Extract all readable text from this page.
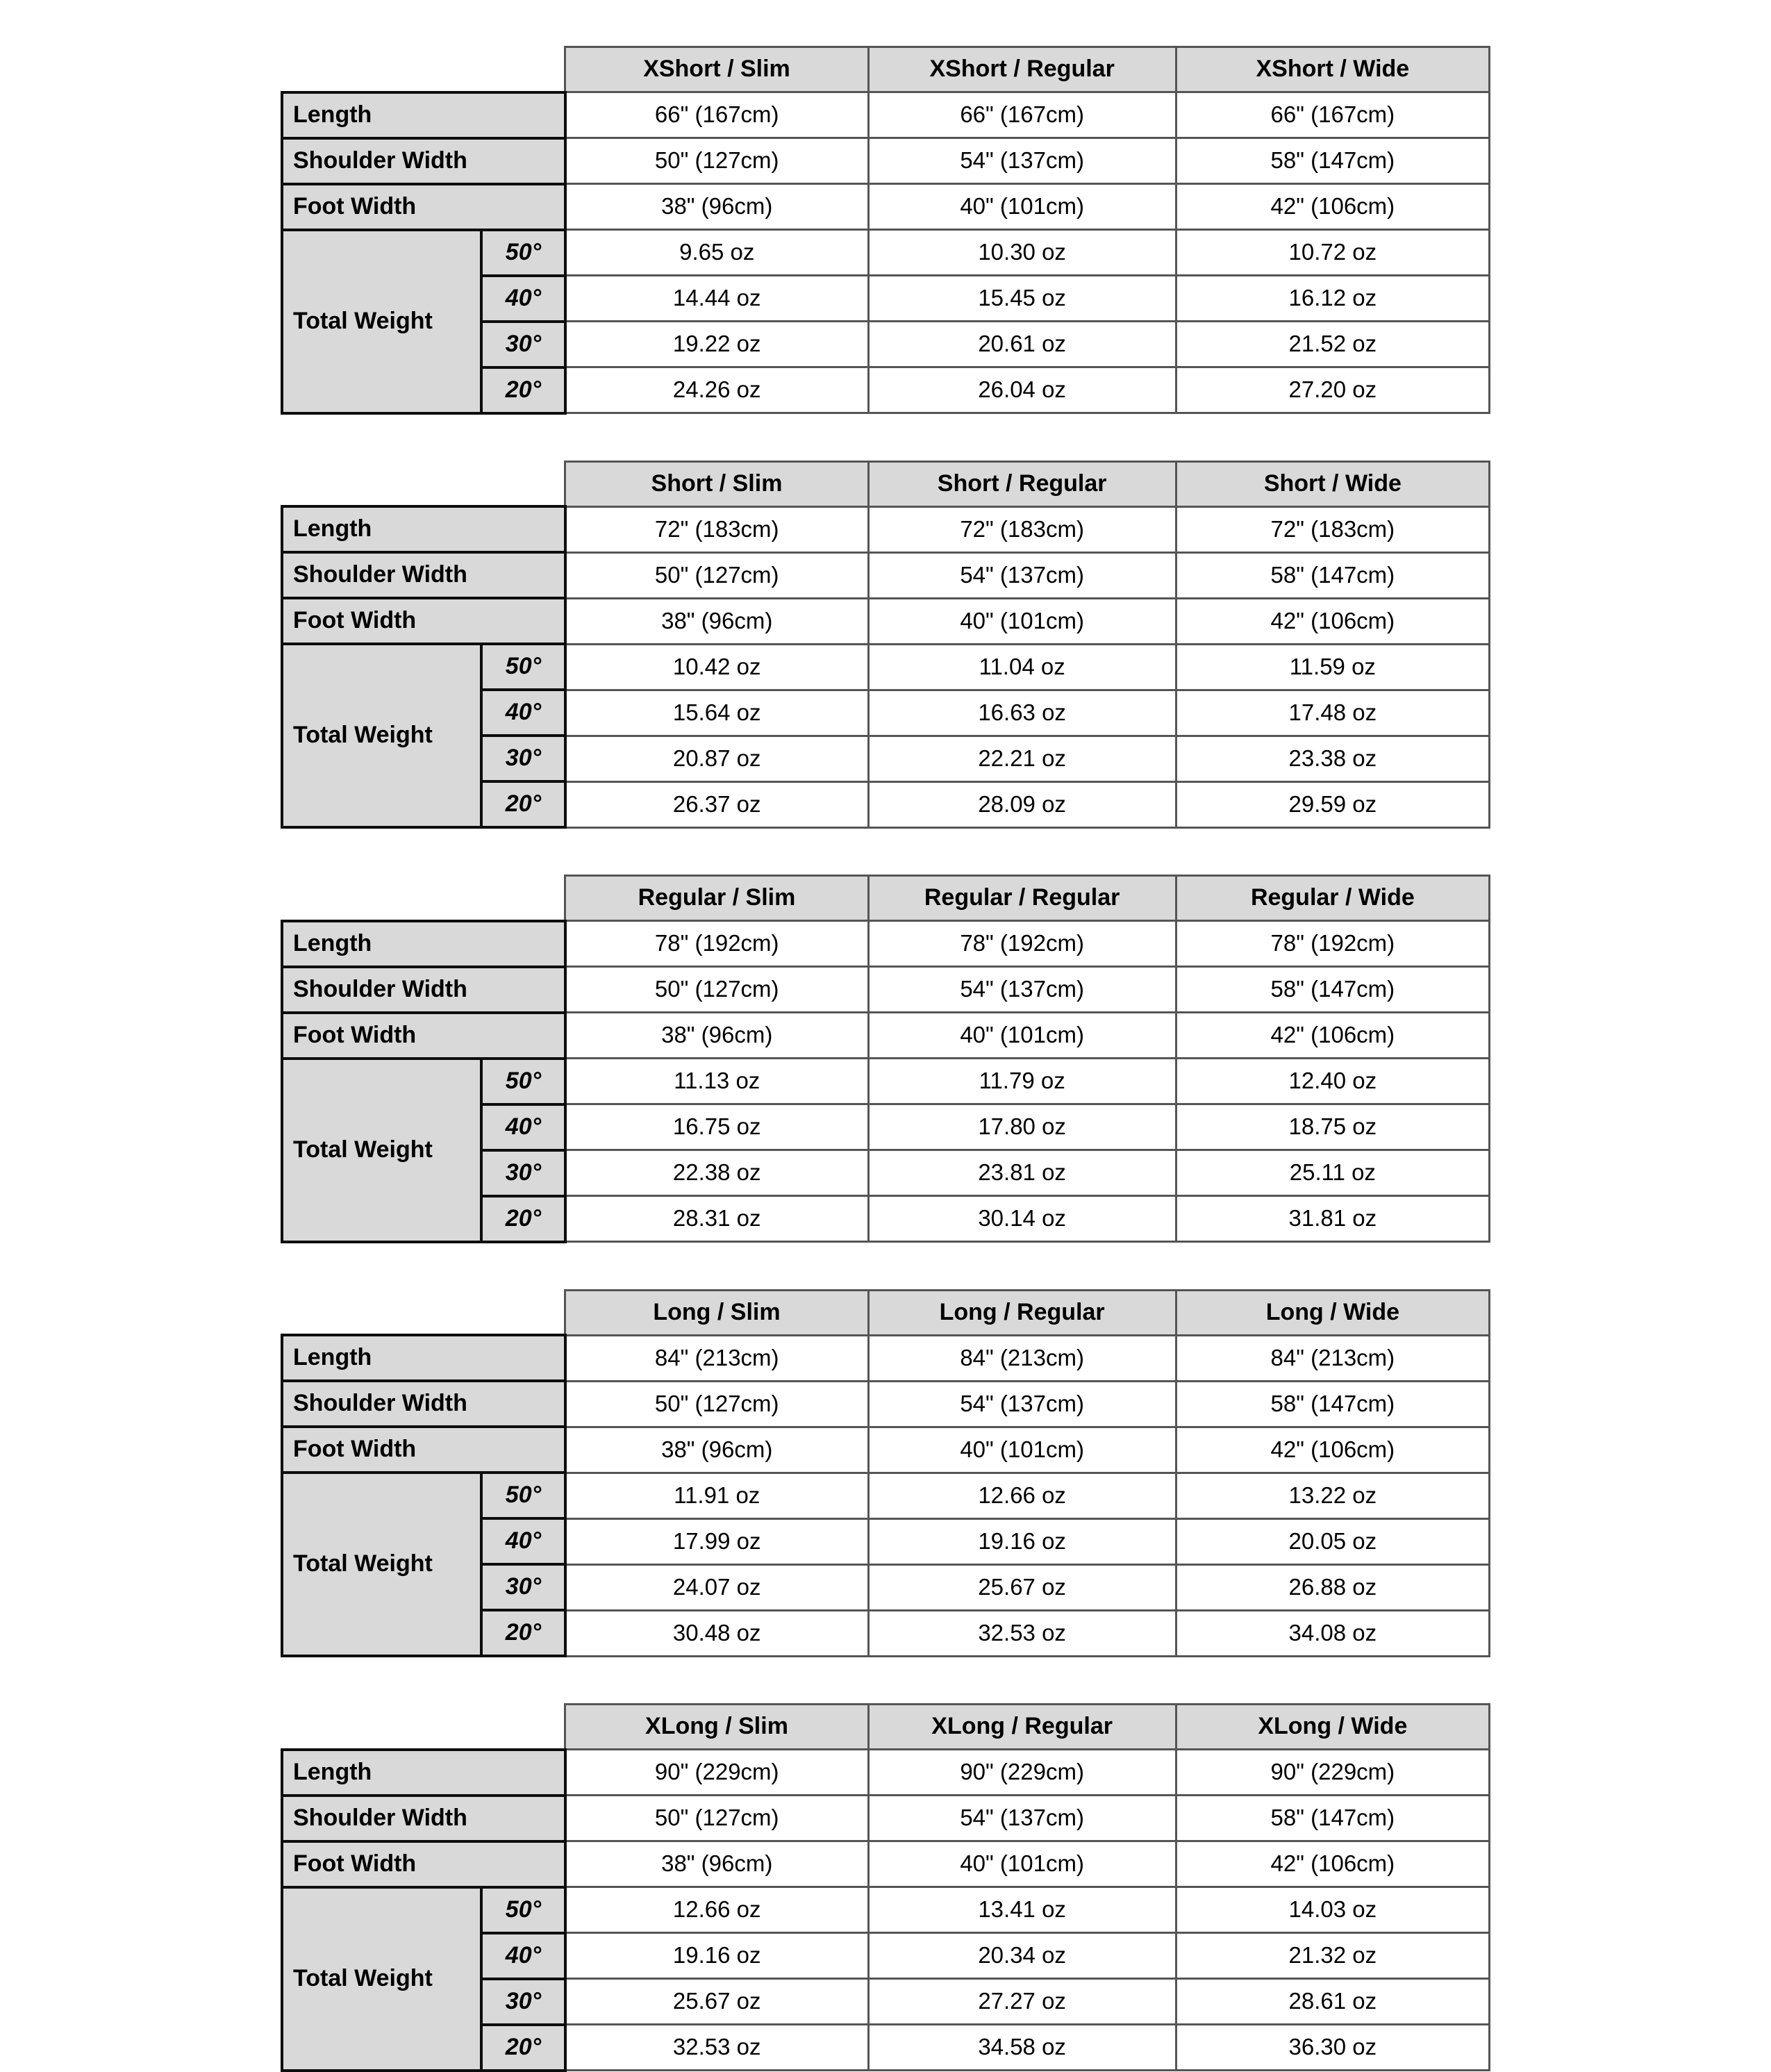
		XShort / Slim	XShort / Regular	XShort / Wide
Length		66" (167cm)	66" (167cm)	66" (167cm)
Shoulder Width		50" (127cm)	54" (137cm)	58" (147cm)
Foot Width		38" (96cm)	40" (101cm)	42" (106cm)
Total Weight	50°	9.65 oz	10.30 oz	10.72 oz
	40°	14.44 oz	15.45 oz	16.12 oz
	30°	19.22 oz	20.61 oz	21.52 oz
	20°	24.26 oz	26.04 oz	27.20 oz
		Short / Slim	Short / Regular	Short / Wide
Length		72" (183cm)	72" (183cm)	72" (183cm)
Shoulder Width		50" (127cm)	54" (137cm)	58" (147cm)
Foot Width		38" (96cm)	40" (101cm)	42" (106cm)
Total Weight	50°	10.42 oz	11.04 oz	11.59 oz
	40°	15.64 oz	16.63 oz	17.48 oz
	30°	20.87 oz	22.21 oz	23.38 oz
	20°	26.37 oz	28.09 oz	29.59 oz
		Regular / Slim	Regular / Regular	Regular / Wide
Length		78" (192cm)	78" (192cm)	78" (192cm)
Shoulder Width		50" (127cm)	54" (137cm)	58" (147cm)
Foot Width		38" (96cm)	40" (101cm)	42" (106cm)
Total Weight	50°	11.13 oz	11.79 oz	12.40 oz
	40°	16.75 oz	17.80 oz	18.75 oz
	30°	22.38 oz	23.81 oz	25.11 oz
	20°	28.31 oz	30.14 oz	31.81 oz
		Long / Slim	Long / Regular	Long / Wide
Length		84" (213cm)	84" (213cm)	84" (213cm)
Shoulder Width		50" (127cm)	54" (137cm)	58" (147cm)
Foot Width		38" (96cm)	40" (101cm)	42" (106cm)
Total Weight	50°	11.91 oz	12.66 oz	13.22 oz
	40°	17.99 oz	19.16 oz	20.05 oz
	30°	24.07 oz	25.67 oz	26.88 oz
	20°	30.48 oz	32.53 oz	34.08 oz
		XLong / Slim	XLong / Regular	XLong / Wide
Length		90" (229cm)	90" (229cm)	90" (229cm)
Shoulder Width		50" (127cm)	54" (137cm)	58" (147cm)
Foot Width		38" (96cm)	40" (101cm)	42" (106cm)
Total Weight	50°	12.66 oz	13.41 oz	14.03 oz
	40°	19.16 oz	20.34 oz	21.32 oz
	30°	25.67 oz	27.27 oz	28.61 oz
	20°	32.53 oz	34.58 oz	36.30 oz
